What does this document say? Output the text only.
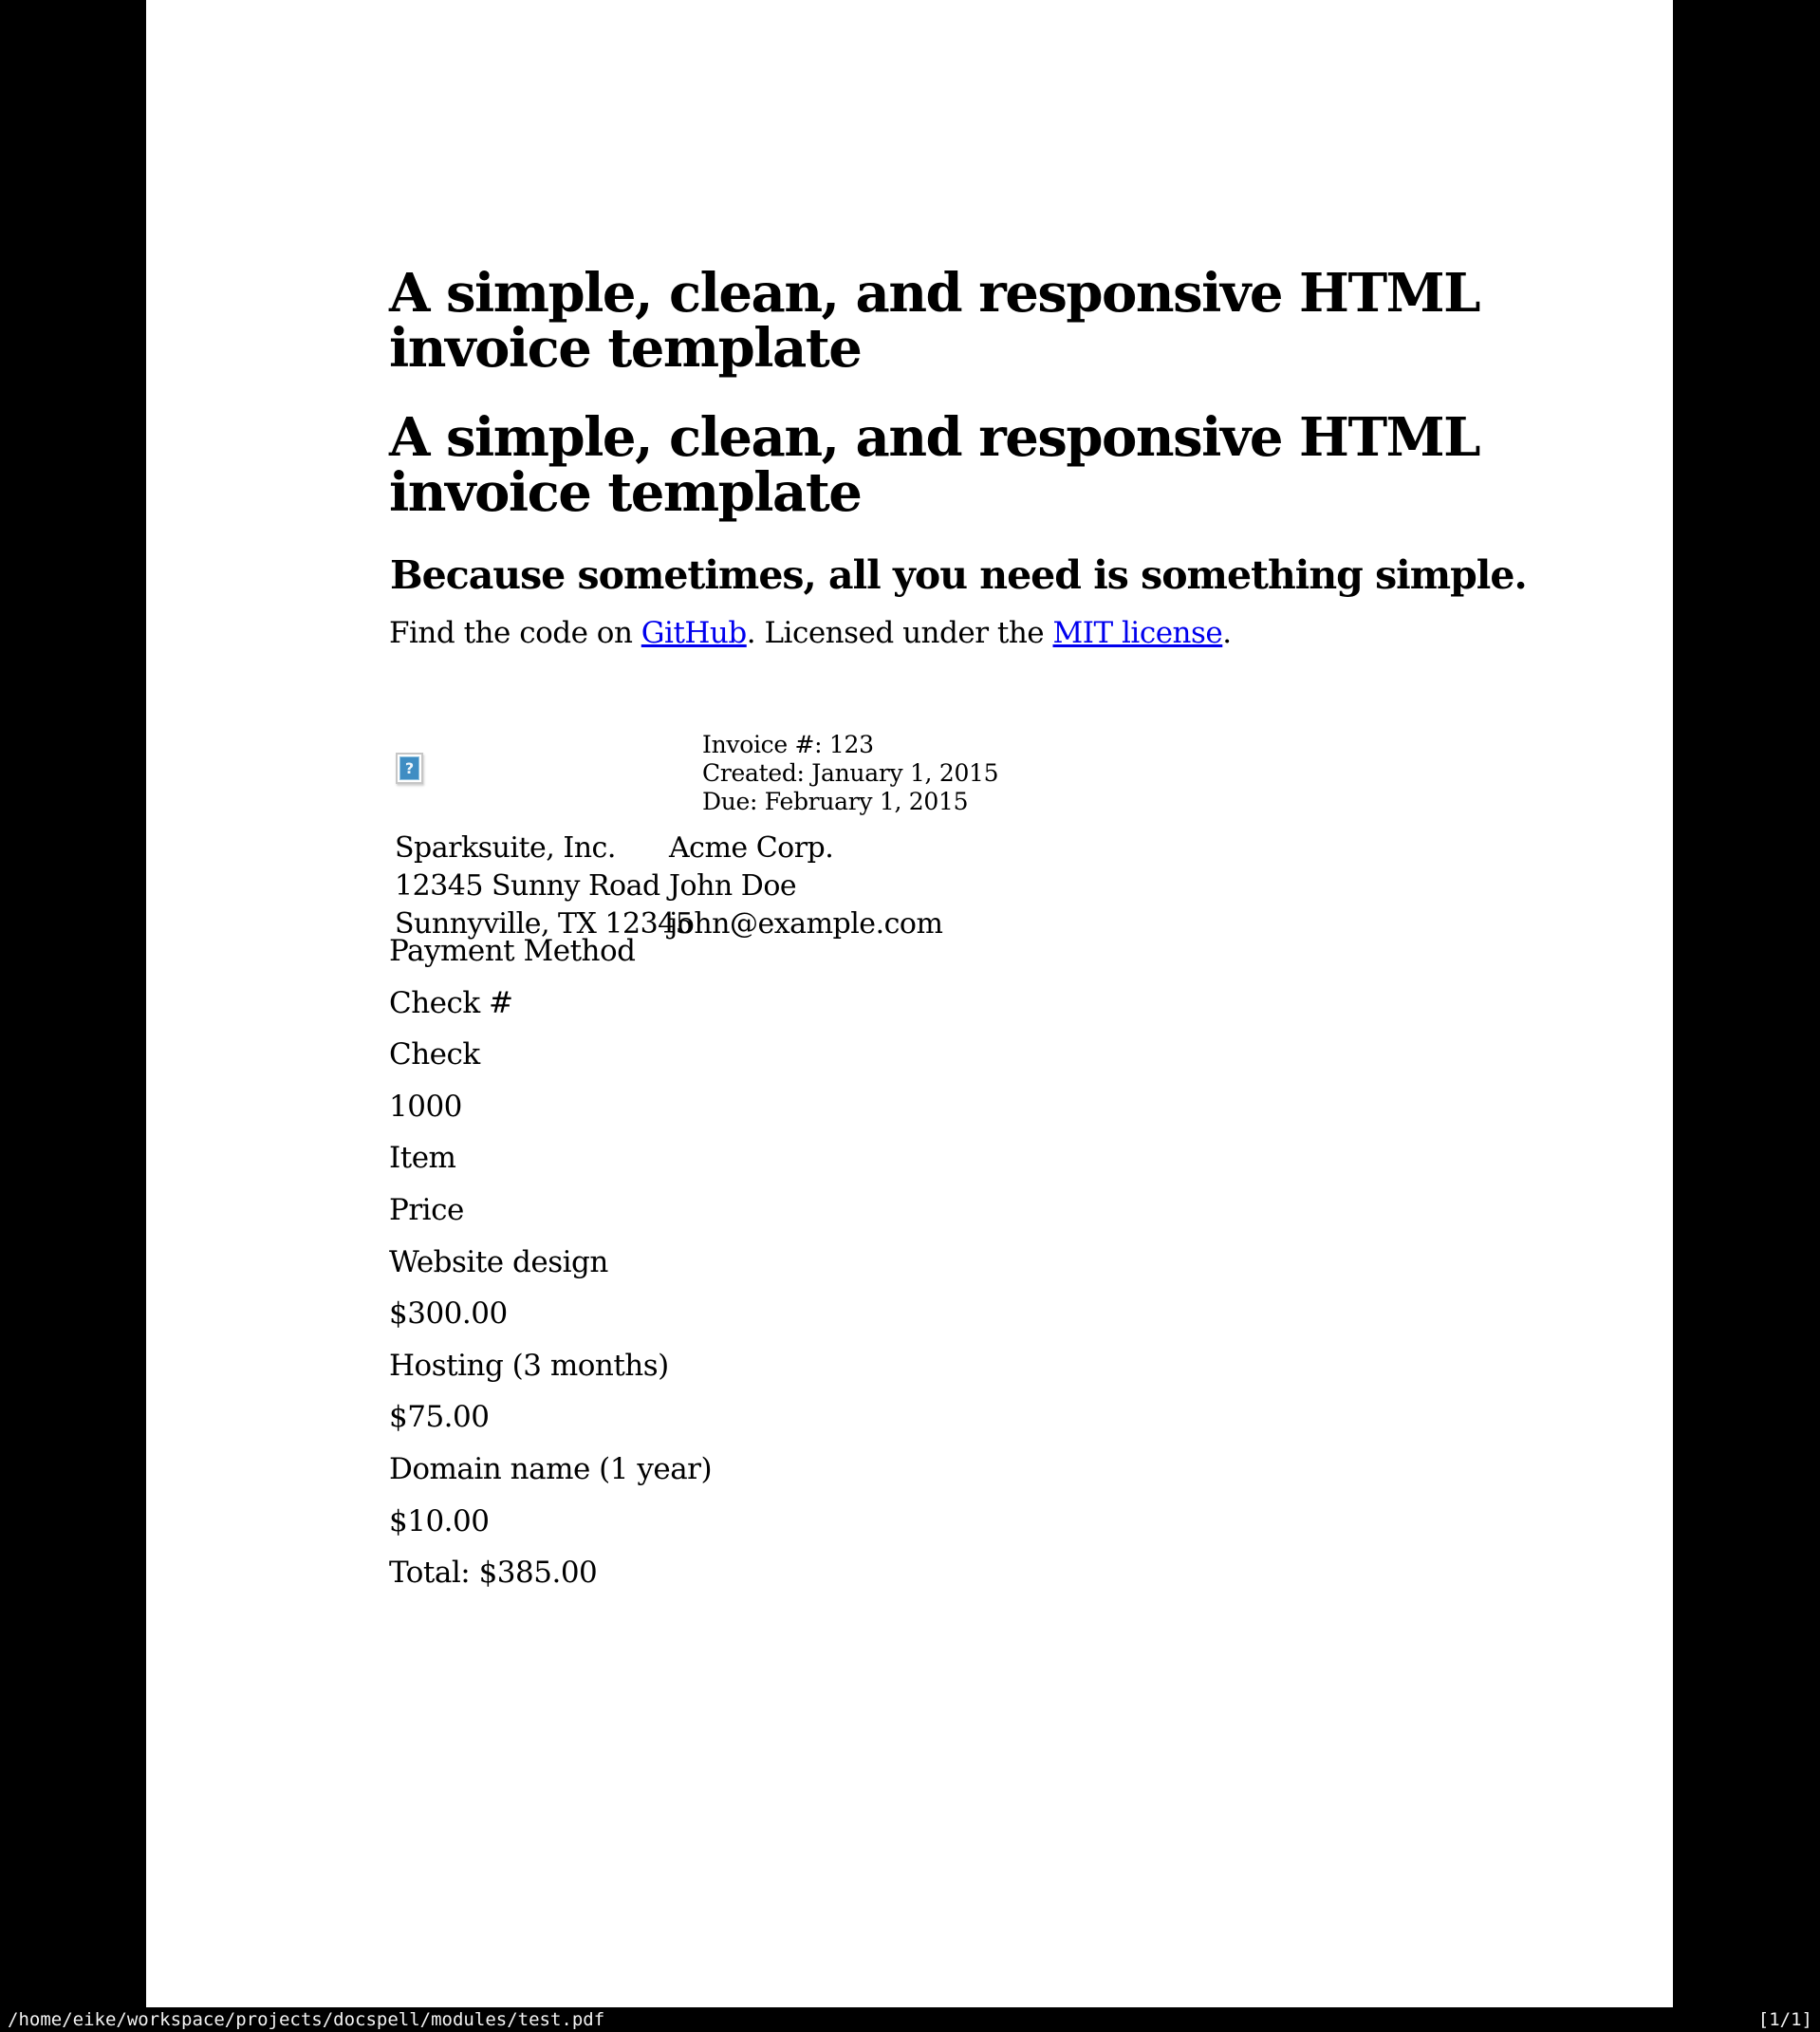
A simple, clean, and responsive HTML
invoice template
A simple, clean, and responsive HTML
invoice template

Because sometimes, all you need is something simple.

Find the code on GitHub. Licensed under the MIT license.

?
Invoice #: 123
Created: January 1, 2015
Due: February 1, 2015
Sparksuite, Inc.
12345 Sunny Road
Sunnyville, TX 12345
Acme Corp.
John Doe
john@example.com

Payment Method

Check #

Check

1000

Item

Price

Website design

$300.00

Hosting (3 months)

$75.00

Domain name (1 year)

$10.00

Total: $385.00

/home/eike/workspace/projects/docspell/modules/test.pdf	[1/1]
